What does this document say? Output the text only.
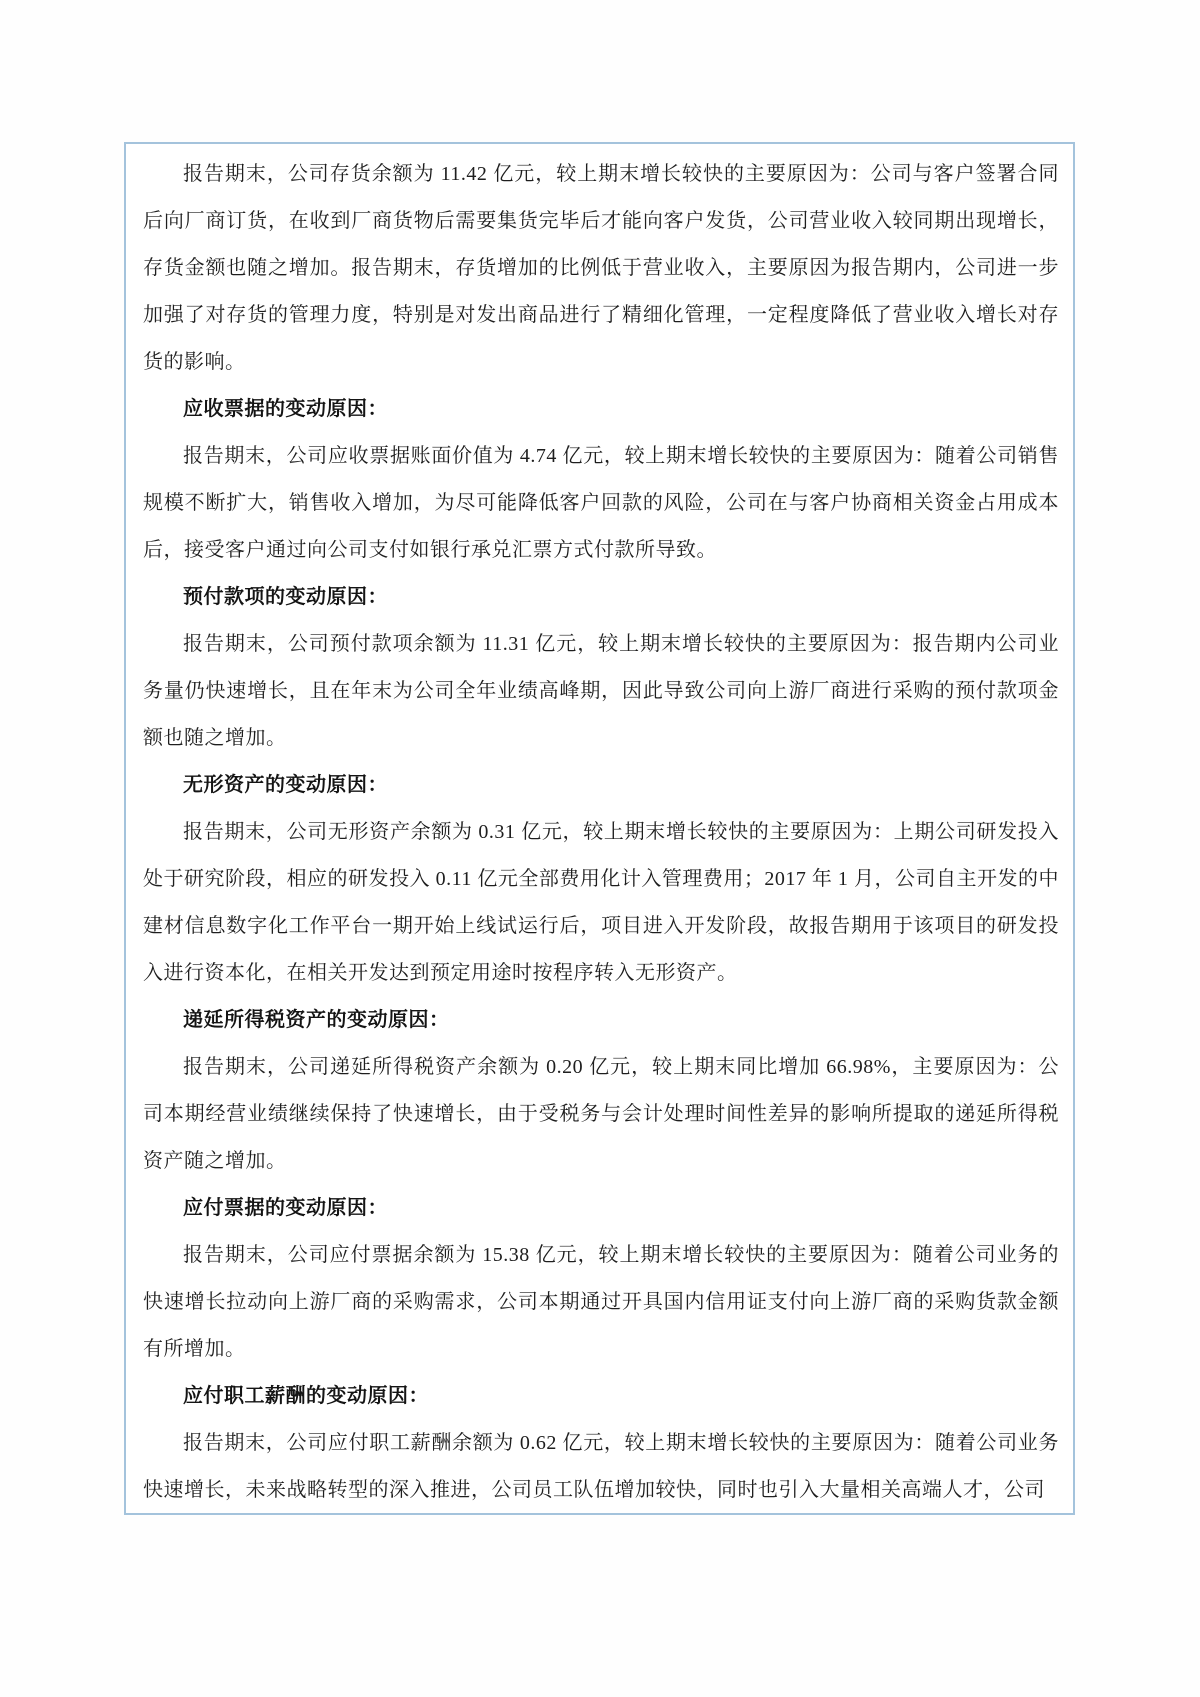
报告期末，公司存货余额为 11.42 亿元，较上期末增长较快的主要原因为：公司与客户签署合同后向厂商订货，在收到厂商货物后需要集货完毕后才能向客户发货，公司营业收入较同期出现增长，存货金额也随之增加。报告期末，存货增加的比例低于营业收入，主要原因为报告期内，公司进一步加强了对存货的管理力度，特别是对发出商品进行了精细化管理，一定程度降低了营业收入增长对存货的影响。

应收票据的变动原因：

报告期末，公司应收票据账面价值为 4.74 亿元，较上期末增长较快的主要原因为：随着公司销售规模不断扩大，销售收入增加，为尽可能降低客户回款的风险，公司在与客户协商相关资金占用成本后，接受客户通过向公司支付如银行承兑汇票方式付款所导致。

预付款项的变动原因：

报告期末，公司预付款项余额为 11.31 亿元，较上期末增长较快的主要原因为：报告期内公司业务量仍快速增长，且在年末为公司全年业绩高峰期，因此导致公司向上游厂商进行采购的预付款项金额也随之增加。

无形资产的变动原因：

报告期末，公司无形资产余额为 0.31 亿元，较上期末增长较快的主要原因为：上期公司研发投入处于研究阶段，相应的研发投入 0.11 亿元全部费用化计入管理费用；2017 年 1 月，公司自主开发的中建材信息数字化工作平台一期开始上线试运行后，项目进入开发阶段，故报告期用于该项目的研发投入进行资本化，在相关开发达到预定用途时按程序转入无形资产。

递延所得税资产的变动原因：

报告期末，公司递延所得税资产余额为 0.20 亿元，较上期末同比增加 66.98%，主要原因为：公司本期经营业绩继续保持了快速增长，由于受税务与会计处理时间性差异的影响所提取的递延所得税资产随之增加。

应付票据的变动原因：

报告期末，公司应付票据余额为 15.38 亿元，较上期末增长较快的主要原因为：随着公司业务的快速增长拉动向上游厂商的采购需求，公司本期通过开具国内信用证支付向上游厂商的采购货款金额有所增加。

应付职工薪酬的变动原因：

报告期末，公司应付职工薪酬余额为 0.62 亿元，较上期末增长较快的主要原因为：随着公司业务快速增长，未来战略转型的深入推进，公司员工队伍增加较快，同时也引入大量相关高端人才，公司
